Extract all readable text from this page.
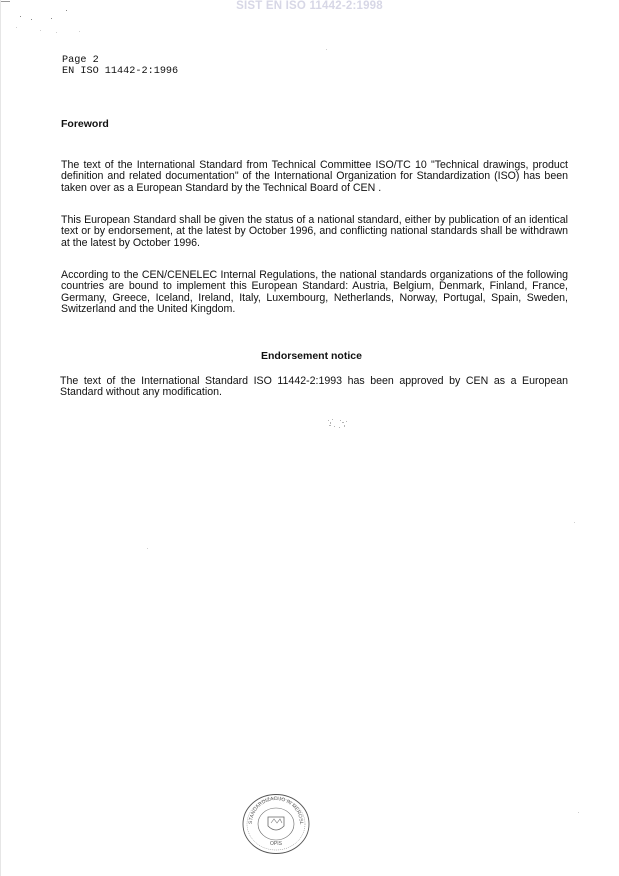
SIST EN ISO 11442-2:1998
Page 2
EN ISO 11442-2:1996
Foreword
The text of the International Standard from Technical Committee ISO/TC 10 "Technical drawings, product definition and related documentation" of the International Organization for Standardization (ISO) has been taken over as a European Standard by the Technical Board of CEN .
This European Standard shall be given the status of a national standard, either by publication of an identical text or by endorsement, at the latest by October 1996, and conflicting national standards shall be withdrawn at the latest by October 1996.
According to the CEN/CENELEC Internal Regulations, the national standards organizations of the following countries are bound to implement this European Standard: Austria, Belgium, Denmark, Finland, France, Germany, Greece, Iceland, Ireland, Italy, Luxembourg, Netherlands, Norway, Portugal, Spain, Sweden, Switzerland and the United Kingdom.
Endorsement notice
The text of the International Standard ISO 11442-2:1993 has been approved by CEN as a European Standard without any modification.
STANDARDIZACIJO IN MEROSL
OPIS
